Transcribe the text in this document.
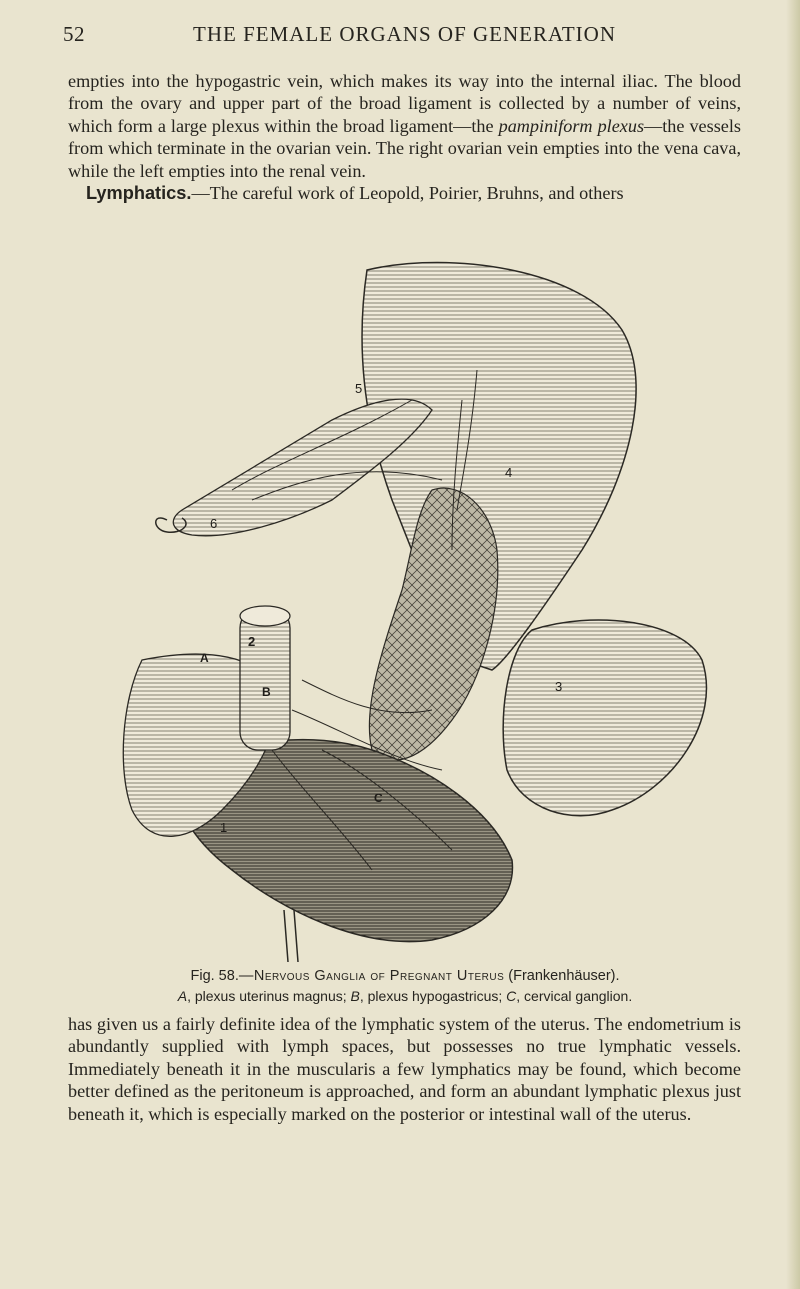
52	THE FEMALE ORGANS OF GENERATION

empties into the hypogastric vein, which makes its way into the internal iliac. The blood from the ovary and upper part of the broad ligament is collected by a number of veins, which form a large plexus within the broad ligament—the pampiniform plexus—the vessels from which terminate in the ovarian vein. The right ovarian vein empties into the vena cava, while the left empties into the renal vein.
Lymphatics.—The careful work of Leopold, Poirier, Bruhns, and others

5
4
6
2
A
B	3
C
1
Fig. 58.—Nervous Ganglia of Pregnant Uterus (Frankenhäuser).
A, plexus uterinus magnus; B, plexus hypogastricus; C, cervical ganglion.

has given us a fairly definite idea of the lymphatic system of the uterus. The endometrium is abundantly supplied with lymph spaces, but possesses no true lymphatic vessels. Immediately beneath it in the muscularis a few lymphatics may be found, which become better defined as the peritoneum is approached, and form an abundant lymphatic plexus just beneath it, which is especially marked on the posterior or intestinal wall of the uterus.
